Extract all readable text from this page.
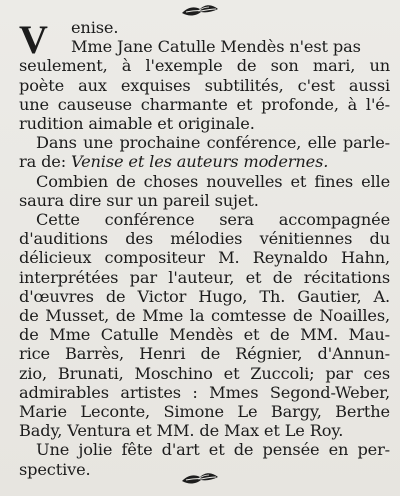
V enise.
Mme Jane Catulle Mendès n'est pas
seulement, à l'exemple de son mari, un
poète aux exquises subtilités, c'est aussi
une causeuse charmante et profonde, à l'é-
rudition aimable et originale.
Dans une prochaine conférence, elle parle-
ra de: Venise et les auteurs modernes.
Combien de choses nouvelles et fines elle
saura dire sur un pareil sujet.
Cette conférence sera accompagnée
d'auditions des mélodies vénitiennes du
délicieux compositeur M. Reynaldo Hahn,
interprétées par l'auteur, et de récitations
d'œuvres de Victor Hugo, Th. Gautier, A.
de Musset, de Mme la comtesse de Noailles,
de Mme Catulle Mendès et de MM. Mau-
rice Barrès, Henri de Régnier, d'Annun-
zio, Brunati, Moschino et Zuccoli; par ces
admirables artistes : Mmes Segond-Weber,
Marie Leconte, Simone Le Bargy, Berthe
Bady, Ventura et MM. de Max et Le Roy.
Une jolie fête d'art et de pensée en per-
spective.
